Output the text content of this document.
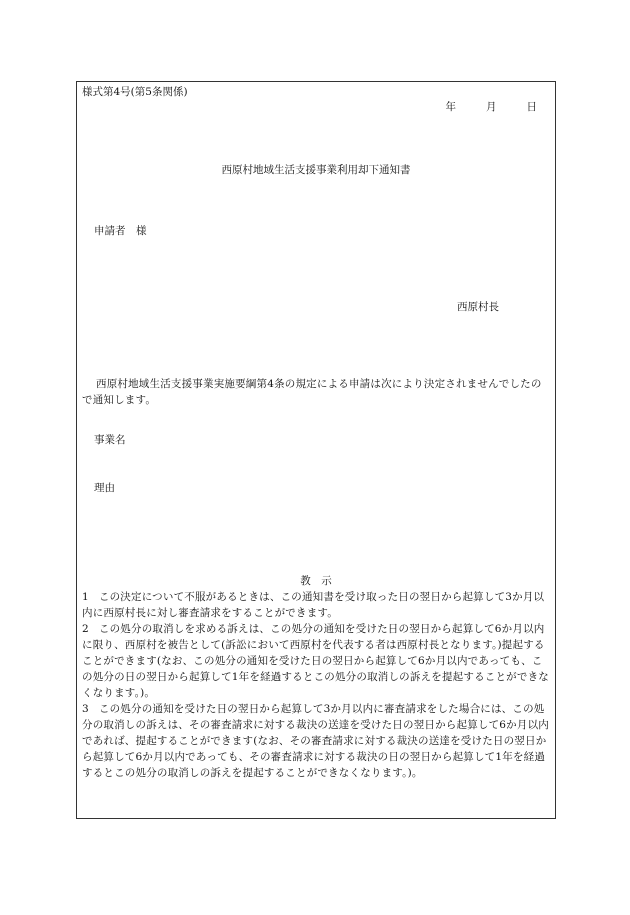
様式第4号(第5条関係)
年	月	日
西原村地域生活支援事業利用却下通知書
申請者　様
西原村長
西原村地域生活支援事業実施要綱第4条の規定による申請は次により決定されませんでしたので通知します。
事業名
理由
教　示
1 この決定について不服があるときは、この通知書を受け取った日の翌日から起算して3か月以内に西原村長に対し審査請求をすることができます。
2 この処分の取消しを求める訴えは、この処分の通知を受けた日の翌日から起算して6か月以内に限り、西原村を被告として(訴訟において西原村を代表する者は西原村長となります。)提起することができます(なお、この処分の通知を受けた日の翌日から起算して6か月以内であっても、この処分の日の翌日から起算して1年を経過するとこの処分の取消しの訴えを提起することができなくなります。)。
3 この処分の通知を受けた日の翌日から起算して3か月以内に審査請求をした場合には、この処分の取消しの訴えは、その審査請求に対する裁決の送達を受けた日の翌日から起算して6か月以内であれば、提起することができます(なお、その審査請求に対する裁決の送達を受けた日の翌日から起算して6か月以内であっても、その審査請求に対する裁決の日の翌日から起算して1年を経過するとこの処分の取消しの訴えを提起することができなくなります。)。
